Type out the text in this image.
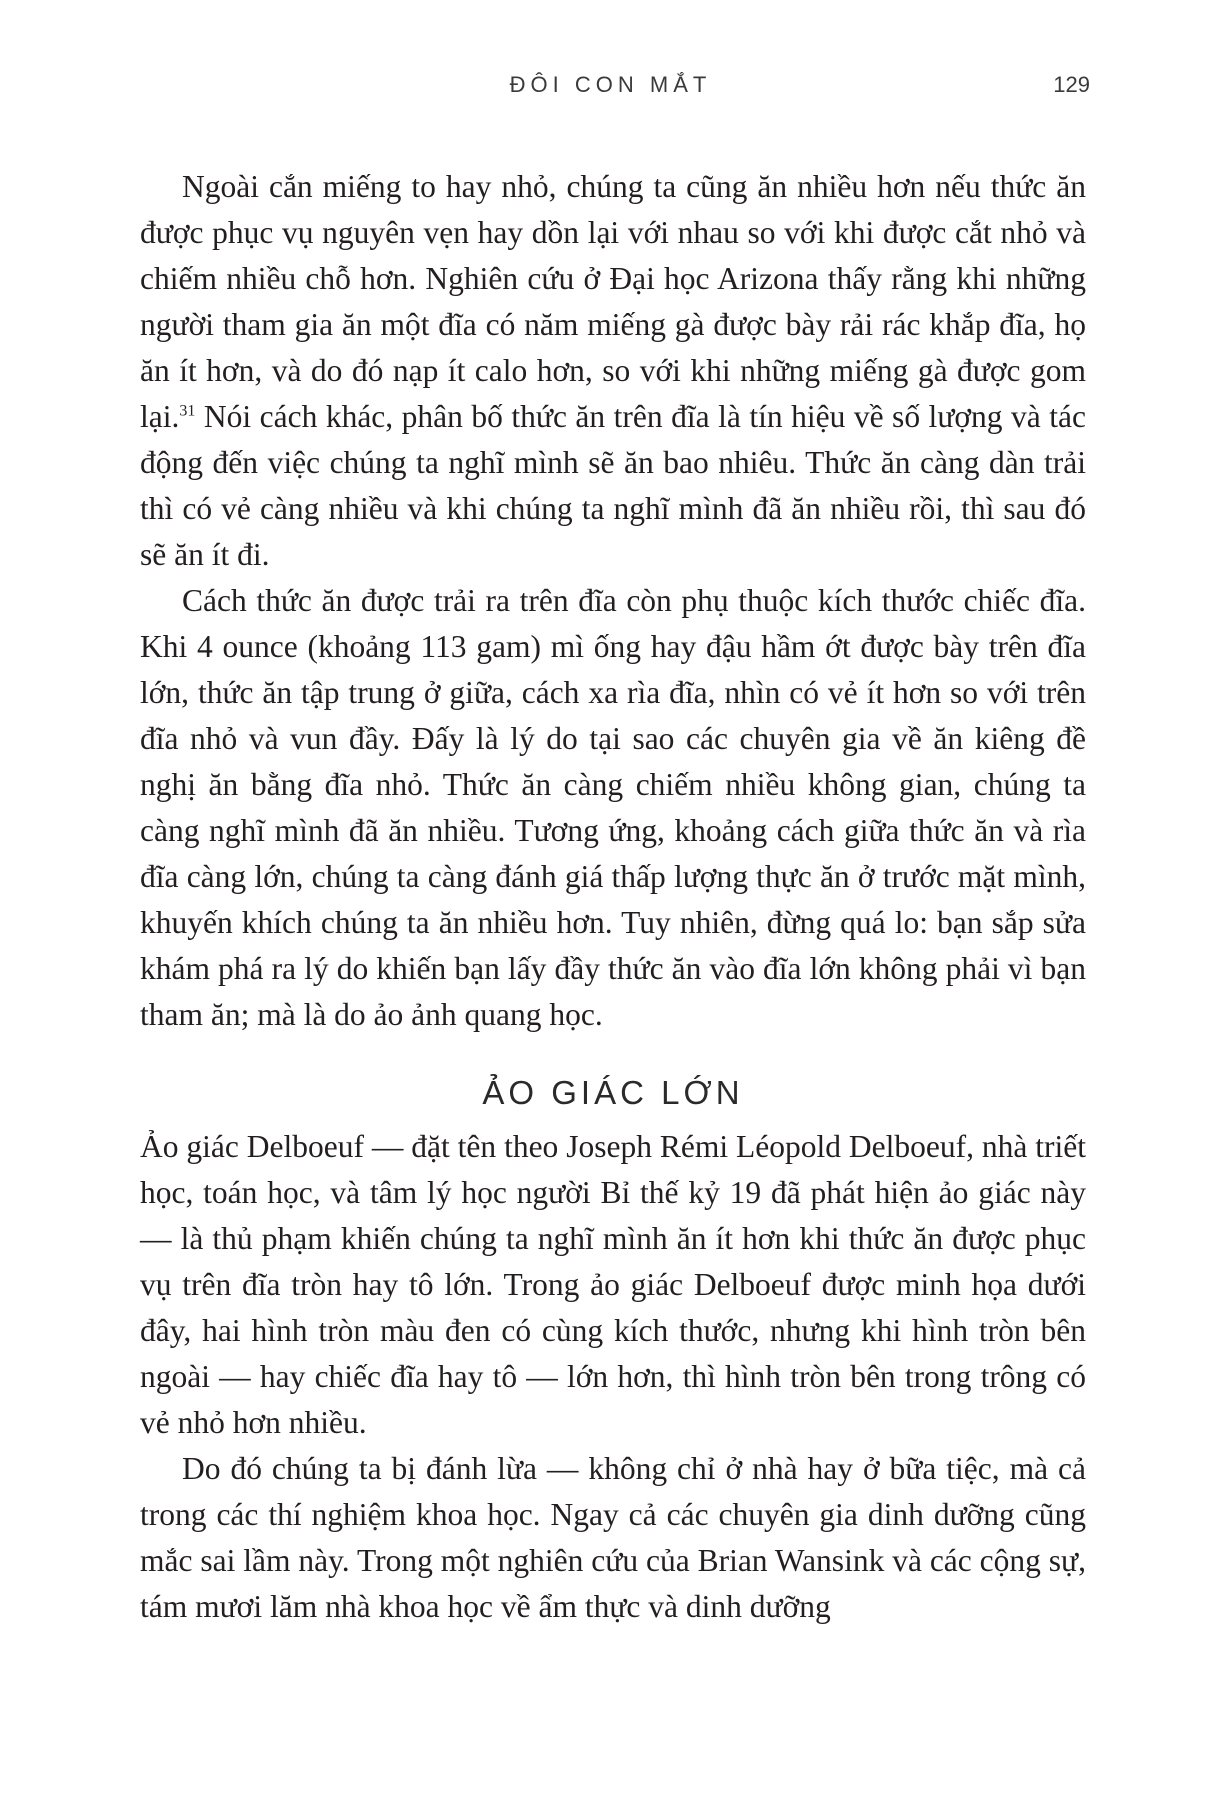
ĐÔI CON MẮT	129

Ngoài cắn miếng to hay nhỏ, chúng ta cũng ăn nhiều hơn nếu thức ăn được phục vụ nguyên vẹn hay dồn lại với nhau so với khi được cắt nhỏ và chiếm nhiều chỗ hơn. Nghiên cứu ở Đại học Arizona thấy rằng khi những người tham gia ăn một đĩa có năm miếng gà được bày rải rác khắp đĩa, họ ăn ít hơn, và do đó nạp ít calo hơn, so với khi những miếng gà được gom lại.$^{31}$ Nói cách khác, phân bố thức ăn trên đĩa là tín hiệu về số lượng và tác động đến việc chúng ta nghĩ mình sẽ ăn bao nhiêu. Thức ăn càng dàn trải thì có vẻ càng nhiều và khi chúng ta nghĩ mình đã ăn nhiều rồi, thì sau đó sẽ ăn ít đi.

Cách thức ăn được trải ra trên đĩa còn phụ thuộc kích thước chiếc đĩa. Khi 4 ounce (khoảng 113 gam) mì ống hay đậu hầm ớt được bày trên đĩa lớn, thức ăn tập trung ở giữa, cách xa rìa đĩa, nhìn có vẻ ít hơn so với trên đĩa nhỏ và vun đầy. Đấy là lý do tại sao các chuyên gia về ăn kiêng đề nghị ăn bằng đĩa nhỏ. Thức ăn càng chiếm nhiều không gian, chúng ta càng nghĩ mình đã ăn nhiều. Tương ứng, khoảng cách giữa thức ăn và rìa đĩa càng lớn, chúng ta càng đánh giá thấp lượng thực ăn ở trước mặt mình, khuyến khích chúng ta ăn nhiều hơn. Tuy nhiên, đừng quá lo: bạn sắp sửa khám phá ra lý do khiến bạn lấy đầy thức ăn vào đĩa lớn không phải vì bạn tham ăn; mà là do ảo ảnh quang học.

ẢO GIÁC LỚN

Ảo giác Delboeuf — đặt tên theo Joseph Rémi Léopold Delboeuf, nhà triết học, toán học, và tâm lý học người Bỉ thế kỷ 19 đã phát hiện ảo giác này — là thủ phạm khiến chúng ta nghĩ mình ăn ít hơn khi thức ăn được phục vụ trên đĩa tròn hay tô lớn. Trong ảo giác Delboeuf được minh họa dưới đây, hai hình tròn màu đen có cùng kích thước, nhưng khi hình tròn bên ngoài — hay chiếc đĩa hay tô — lớn hơn, thì hình tròn bên trong trông có vẻ nhỏ hơn nhiều.

Do đó chúng ta bị đánh lừa — không chỉ ở nhà hay ở bữa tiệc, mà cả trong các thí nghiệm khoa học. Ngay cả các chuyên gia dinh dưỡng cũng mắc sai lầm này. Trong một nghiên cứu của Brian Wansink và các cộng sự, tám mươi lăm nhà khoa học về ẩm thực và dinh dưỡng
